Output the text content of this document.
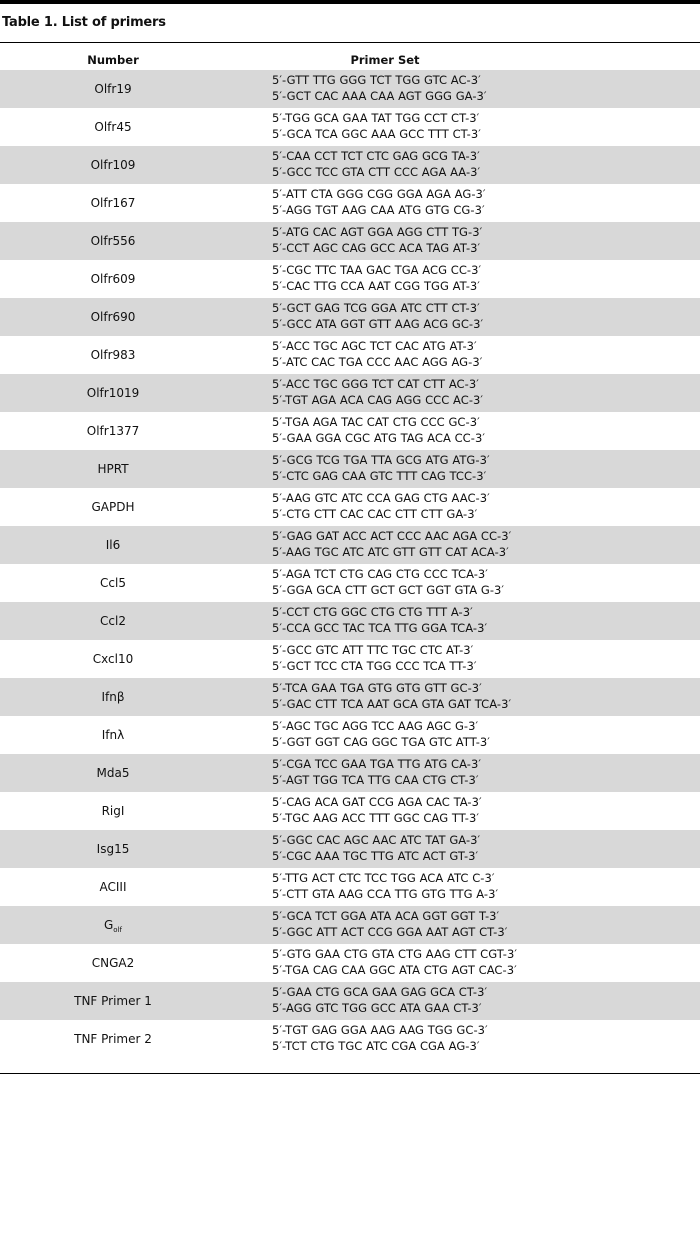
Table 1. List of primers
Number	Primer Set
Olfr19
5′-GTT TTG GGG TCT TGG GTC AC-3′
5′-GCT CAC AAA CAA AGT GGG GA-3′
Olfr45
5′-TGG GCA GAA TAT TGG CCT CT-3′
5′-GCA TCA GGC AAA GCC TTT CT-3′
Olfr109
5′-CAA CCT TCT CTC GAG GCG TA-3′
5′-GCC TCC GTA CTT CCC AGA AA-3′
Olfr167
5′-ATT CTA GGG CGG GGA AGA AG-3′
5′-AGG TGT AAG CAA ATG GTG CG-3′
Olfr556
5′-ATG CAC AGT GGA AGG CTT TG-3′
5′-CCT AGC CAG GCC ACA TAG AT-3′
Olfr609
5′-CGC TTC TAA GAC TGA ACG CC-3′
5′-CAC TTG CCA AAT CGG TGG AT-3′
Olfr690
5′-GCT GAG TCG GGA ATC CTT CT-3′
5′-GCC ATA GGT GTT AAG ACG GC-3′
Olfr983
5′-ACC TGC AGC TCT CAC ATG AT-3′
5′-ATC CAC TGA CCC AAC AGG AG-3′
Olfr1019
5′-ACC TGC GGG TCT CAT CTT AC-3′
5′-TGT AGA ACA CAG AGG CCC AC-3′
Olfr1377
5′-TGA AGA TAC CAT CTG CCC GC-3′
5′-GAA GGA CGC ATG TAG ACA CC-3′
HPRT
5′-GCG TCG TGA TTA GCG ATG ATG-3′
5′-CTC GAG CAA GTC TTT CAG TCC-3′
GAPDH
5′-AAG GTC ATC CCA GAG CTG AAC-3′
5′-CTG CTT CAC CAC CTT CTT GA-3′
Il6
5′-GAG GAT ACC ACT CCC AAC AGA CC-3′
5′-AAG TGC ATC ATC GTT GTT CAT ACA-3′
Ccl5
5′-AGA TCT CTG CAG CTG CCC TCA-3′
5′-GGA GCA CTT GCT GCT GGT GTA G-3′
Ccl2
5′-CCT CTG GGC CTG CTG TTT A-3′
5′-CCA GCC TAC TCA TTG GGA TCA-3′
Cxcl10
5′-GCC GTC ATT TTC TGC CTC AT-3′
5′-GCT TCC CTA TGG CCC TCA TT-3′
Ifnβ
5′-TCA GAA TGA GTG GTG GTT GC-3′
5′-GAC CTT TCA AAT GCA GTA GAT TCA-3′
Ifnλ
5′-AGC TGC AGG TCC AAG AGC G-3′
5′-GGT GGT CAG GGC TGA GTC ATT-3′
Mda5
5′-CGA TCC GAA TGA TTG ATG CA-3′
5′-AGT TGG TCA TTG CAA CTG CT-3′
RigI
5′-CAG ACA GAT CCG AGA CAC TA-3′
5′-TGC AAG ACC TTT GGC CAG TT-3′
Isg15
5′-GGC CAC AGC AAC ATC TAT GA-3′
5′-CGC AAA TGC TTG ATC ACT GT-3′
ACIII
5′-TTG ACT CTC TCC TGG ACA ATC C-3′
5′-CTT GTA AAG CCA TTG GTG TTG A-3′
$G_{olf}$
5′-GCA TCT GGA ATA ACA GGT GGT T-3′
5′-GGC ATT ACT CCG GGA AAT AGT CT-3′
CNGA2
5′-GTG GAA CTG GTA CTG AAG CTT CGT-3′
5′-TGA CAG CAA GGC ATA CTG AGT CAC-3′
TNF Primer 1
5′-GAA CTG GCA GAA GAG GCA CT-3′
5′-AGG GTC TGG GCC ATA GAA CT-3′
TNF Primer 2
5′-TGT GAG GGA AAG AAG TGG GC-3′
5′-TCT CTG TGC ATC CGA CGA AG-3′
